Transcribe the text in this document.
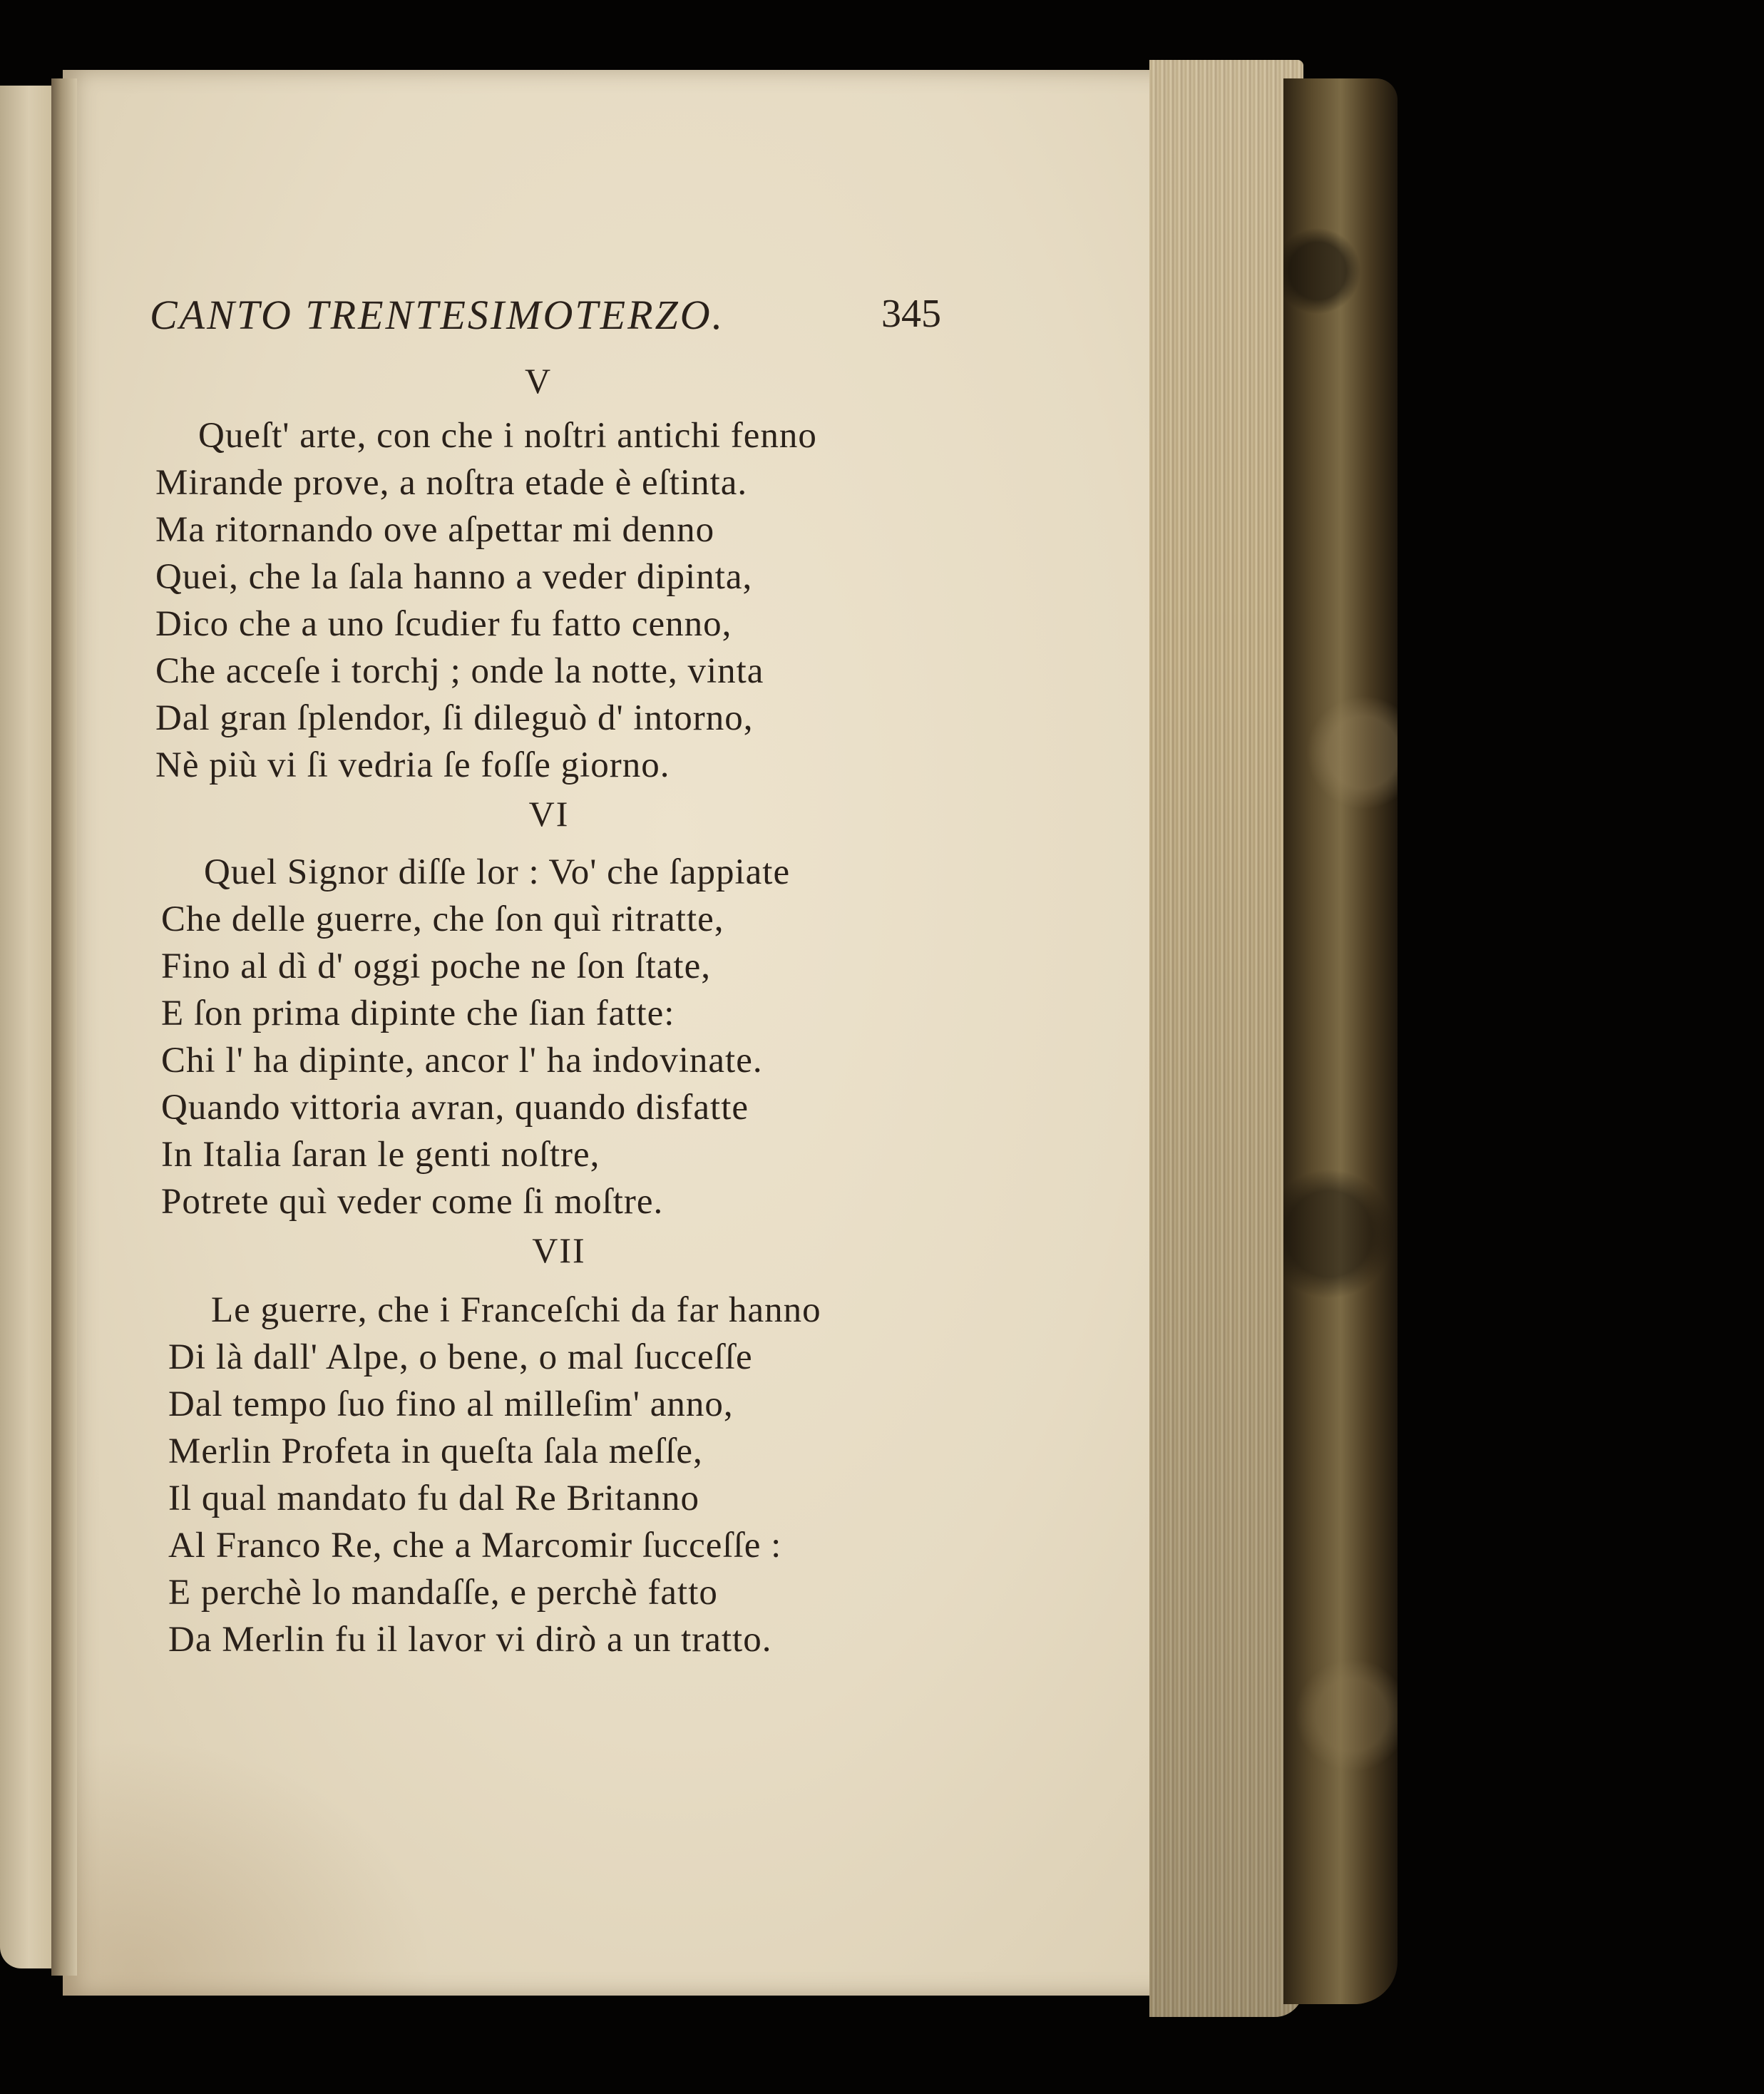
CANTO TRENTESIMOTERZO.	345
V
Queſt' arte, con che i noſtri antichi fenno
Mirande prove, a noſtra etade è eſtinta.
Ma ritornando ove aſpettar mi denno
Quei, che la ſala hanno a veder dipinta,
Dico che a uno ſcudier fu fatto cenno,
Che acceſe i torchj ; onde la notte, vinta
Dal gran ſplendor, ſi dileguò d' intorno,
Nè più vi ſi vedria ſe foſſe giorno.
VI
Quel Signor diſſe lor : Vo' che ſappiate
Che delle guerre, che ſon quì ritratte,
Fino al dì d' oggi poche ne ſon ſtate,
E ſon prima dipinte che ſian fatte:
Chi l' ha dipinte, ancor l' ha indovinate.
Quando vittoria avran, quando disfatte
In Italia ſaran le genti noſtre,
Potrete quì veder come ſi moſtre.
VII
Le guerre, che i Franceſchi da far hanno
Di là dall' Alpe, o bene, o mal ſucceſſe
Dal tempo ſuo fino al milleſim' anno,
Merlin Profeta in queſta ſala meſſe,
Il qual mandato fu dal Re Britanno
Al Franco Re, che a Marcomir ſucceſſe :
E perchè lo mandaſſe, e perchè fatto
Da Merlin fu il lavor vi dirò a un tratto.
